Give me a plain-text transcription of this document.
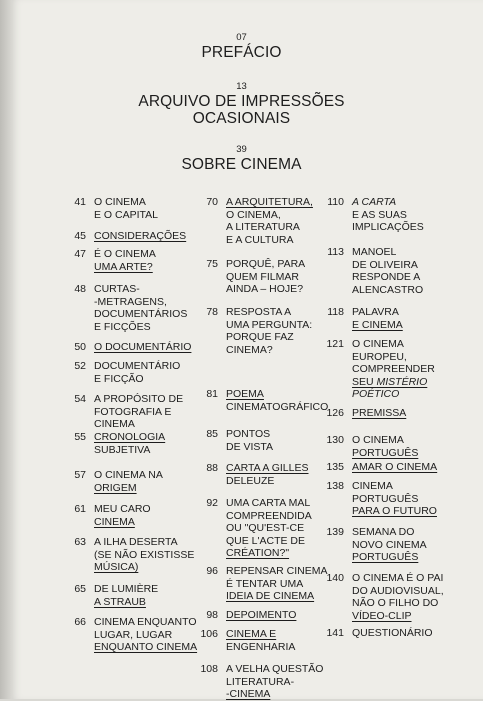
07
PREFÁCIO
13
ARQUIVO DE IMPRESSÕES
OCASIONAIS
39
SOBRE CINEMA
41 O CINEMA
E O CAPITAL
45 CONSIDERAÇÕES
47 É O CINEMA
UMA ARTE?
48 CURTAS-
-METRAGENS,
DOCUMENTÁRIOS
E FICÇÕES
50 O DOCUMENTÁRIO
52 DOCUMENTÁRIO
E FICÇÃO
54 A PROPÓSITO DE
FOTOGRAFIA E
CINEMA
55 CRONOLOGIA
SUBJETIVA
57 O CINEMA NA
ORIGEM
61 MEU CARO
CINEMA
63 A ILHA DESERTA
(SE NÃO EXISTISSE
MÚSICA)
65 DE LUMIÈRE
A STRAUB
66 CINEMA ENQUANTO
LUGAR, LUGAR
ENQUANTO CINEMA
70 A ARQUITETURA,
O CINEMA,
A LITERATURA
E A CULTURA
75 PORQUÊ, PARA
QUEM FILMAR
AINDA – HOJE?
78 RESPOSTA A
UMA PERGUNTA:
PORQUE FAZ
CINEMA?
81 POEMA
CINEMATOGRÁFICO
85 PONTOS
DE VISTA
88 CARTA A GILLES
DELEUZE
92 UMA CARTA MAL
COMPREENDIDA
OU "QU'EST-CE
QUE L'ACTE DE
CRÉATION?"
96 REPENSAR CINEMA
É TENTAR UMA
IDEIA DE CINEMA
98 DEPOIMENTO
106 CINEMA E
ENGENHARIA
108 A VELHA QUESTÃO
LITERATURA-
-CINEMA
110 A CARTA
E AS SUAS
IMPLICAÇÕES
113 MANOEL
DE OLIVEIRA
RESPONDE A
ALENCASTRO
118 PALAVRA
E CINEMA
121 O CINEMA
EUROPEU,
COMPREENDER
SEU MISTÉRIO
POÉTICO
126 PREMISSA
130 O CINEMA
PORTUGUÊS
135 AMAR O CINEMA
138 CINEMA
PORTUGUÊS
PARA O FUTURO
139 SEMANA DO
NOVO CINEMA
PORTUGUÊS
140 O CINEMA É O PAI
DO AUDIOVISUAL,
NÃO O FILHO DO
VÍDEO-CLIP
141 QUESTIONÁRIO
